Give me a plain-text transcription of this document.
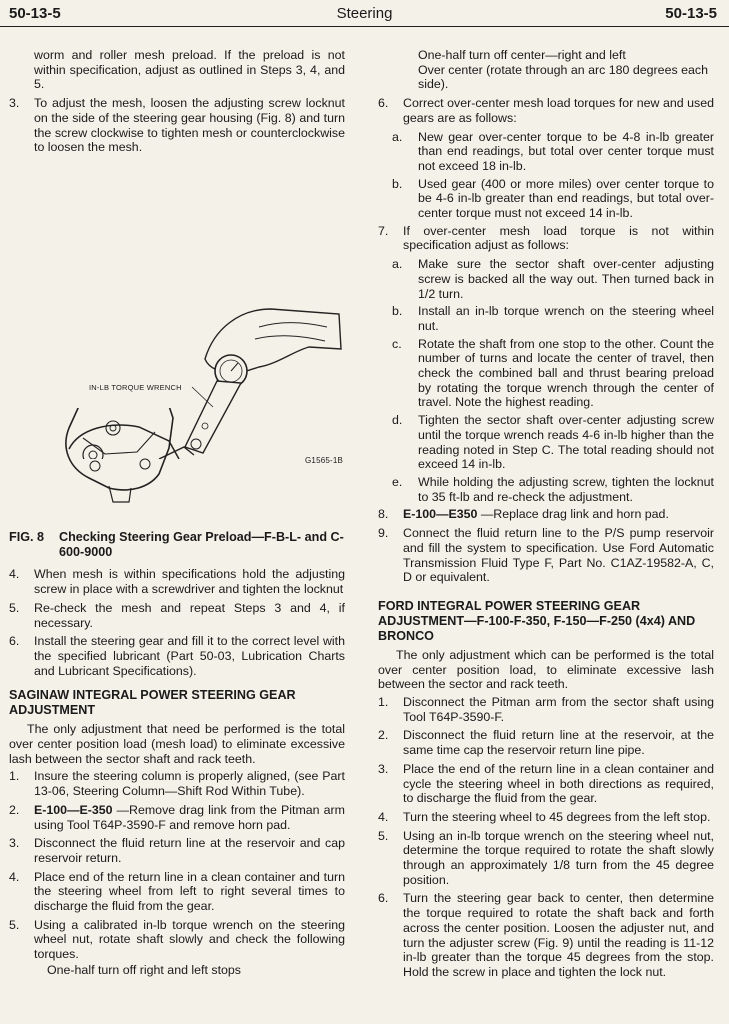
50-13-5	Steering	50-13-5

worm and roller mesh preload. If the preload is not within specification, adjust as outlined in Steps 3, 4, and 5.

3.	To adjust the mesh, loosen the adjusting screw locknut on the side of the steering gear housing (Fig. 8) and turn the screw clockwise to tighten mesh or counterclockwise to loosen the mesh.
IN-LB TORQUE WRENCH
G1565-1B
FIG. 8	Checking Steering Gear Preload—F-B-L- and C-600-9000
4.	When mesh is within specifications hold the adjusting screw in place with a screwdriver and tighten the locknut
5.	Re-check the mesh and repeat Steps 3 and 4, if necessary.
6.	Install the steering gear and fill it to the correct level with the specified lubricant (Part 50-03, Lubrication Charts and Lubricant Specifications).
SAGINAW INTEGRAL POWER STEERING GEAR ADJUSTMENT

The only adjustment that need be performed is the total over center position load (mesh load) to eliminate excessive lash between the sector shaft and rack teeth.

1.	Insure the steering column is properly aligned, (see Part 13-06, Steering Column—Shift Rod Within Tube).
2.	E-100—E-350 —Remove drag link from the Pitman arm using Tool T64P-3590-F and remove horn pad.
3.	Disconnect the fluid return line at the reservoir and cap reservoir return.
4.	Place end of the return line in a clean container and turn the steering wheel from left to right several times to discharge the fluid from the gear.
5.	Using a calibrated in-lb torque wrench on the steering wheel nut, rotate shaft slowly and check the following torques.

One-half turn off right and left stops

One-half turn off center—right and left

Over center (rotate through an arc 180 degrees each side).

6.	Correct over-center mesh load torques for new and used gears are as follows:
a.	New gear over-center torque to be 4-8 in-lb greater than end readings, but total over center torque must not exceed 18 in-lb.
b.	Used gear (400 or more miles) over center torque to be 4-6 in-lb greater than end readings, but total over-center torque must not exceed 14 in-lb.
7.	If over-center mesh load torque is not within specification adjust as follows:
a.	Make sure the sector shaft over-center adjusting screw is backed all the way out. Then turned back in 1/2 turn.
b.	Install an in-lb torque wrench on the steering wheel nut.
c.	Rotate the shaft from one stop to the other. Count the number of turns and locate the center of travel, then check the combined ball and thrust bearing preload by rotating the torque wrench through the center of travel. Note the highest reading.
d.	Tighten the sector shaft over-center adjusting screw until the torque wrench reads 4-6 in-lb higher than the reading noted in Step C. The total reading should not exceed 14 in-lb.
e.	While holding the adjusting screw, tighten the locknut to 35 ft-lb and re-check the adjustment.
8.	E-100—E350 —Replace drag link and horn pad.
9.	Connect the fluid return line to the P/S pump reservoir and fill the system to specification. Use Ford Automatic Transmission Fluid Type F, Part No. C1AZ-19582-A, C, D or equivalent.
FORD INTEGRAL POWER STEERING GEAR ADJUSTMENT—F-100-F-350, F-150—F-250 (4x4) AND BRONCO

The only adjustment which can be performed is the total over center position load, to eliminate excessive lash between the sector and rack teeth.

1.	Disconnect the Pitman arm from the sector shaft using Tool T64P-3590-F.
2.	Disconnect the fluid return line at the reservoir, at the same time cap the reservoir return line pipe.
3.	Place the end of the return line in a clean container and cycle the steering wheel in both directions as required, to discharge the fluid from the gear.
4.	Turn the steering wheel to 45 degrees from the left stop.
5.	Using an in-lb torque wrench on the steering wheel nut, determine the torque required to rotate the shaft slowly through an approximately 1/8 turn from the 45 degree position.
6.	Turn the steering gear back to center, then determine the torque required to rotate the shaft back and forth across the center position. Loosen the adjuster nut, and turn the adjuster screw (Fig. 9) until the reading is 11-12 in-lb greater than the torque 45 degrees from the stop. Hold the screw in place and tighten the lock nut.
